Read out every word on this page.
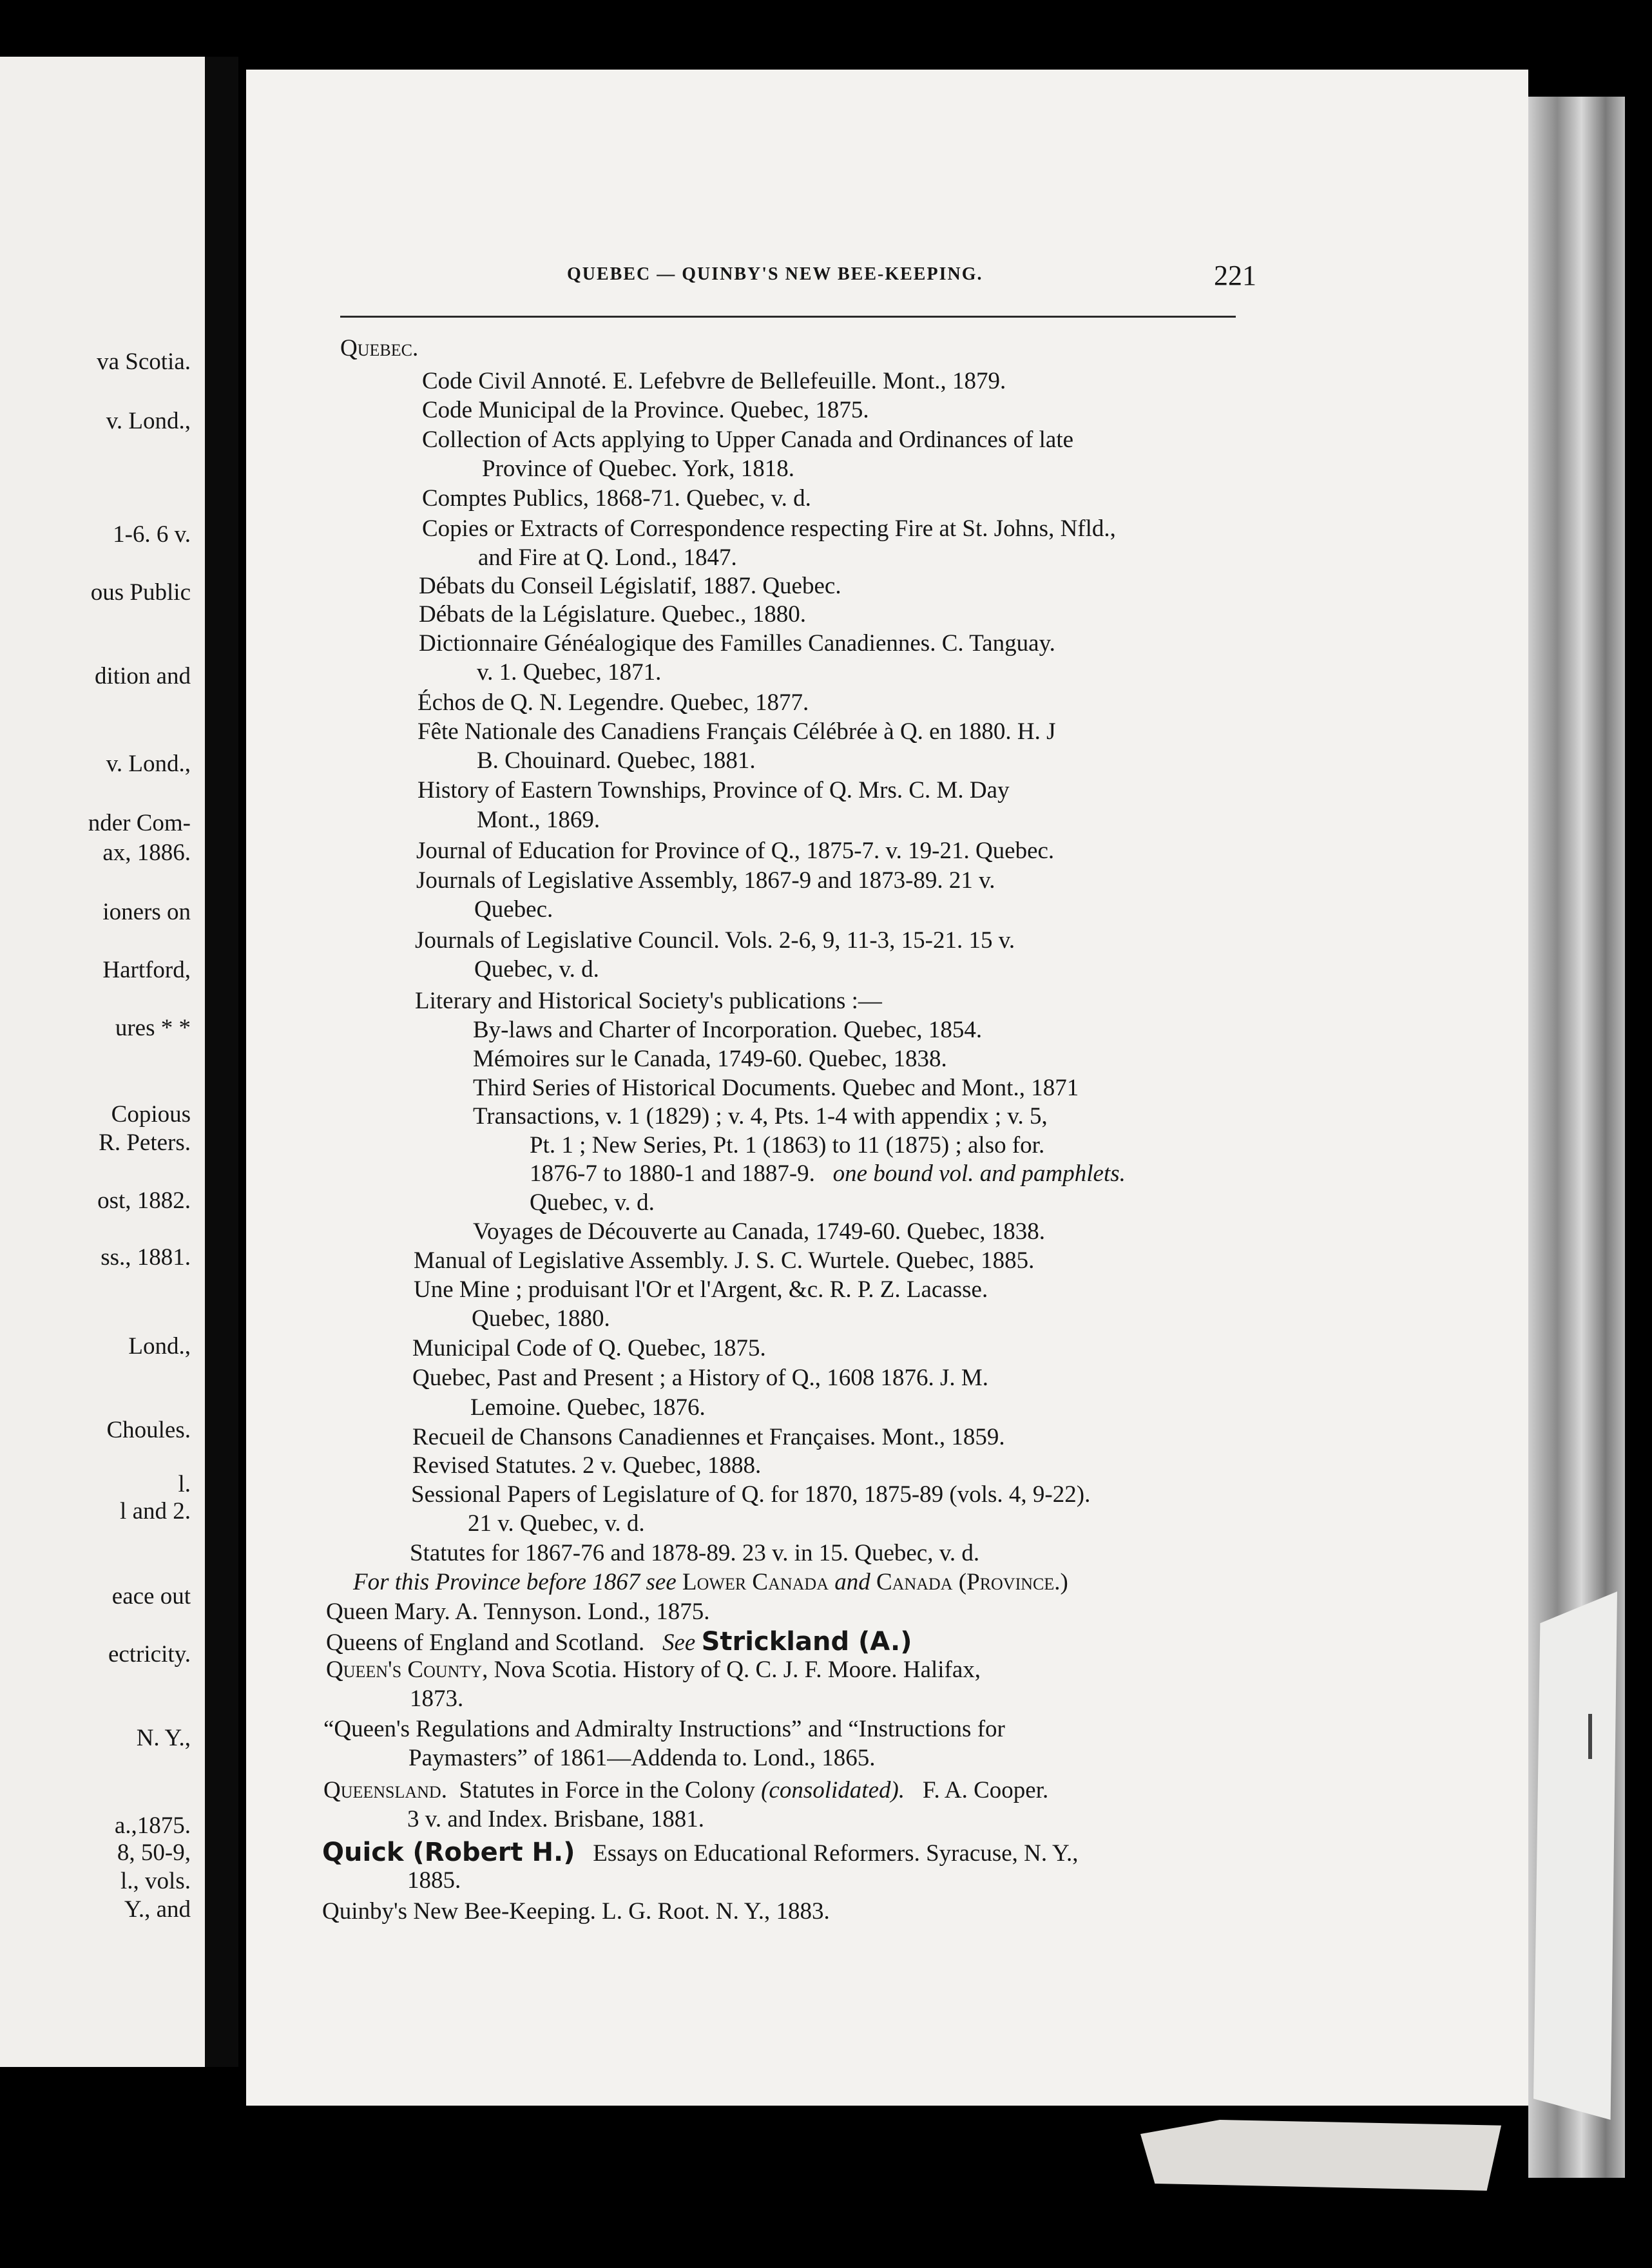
va Scotia.
v. Lond.,
1-6. 6 v.
ous Public
dition and
v. Lond.,
nder Com-
ax, 1886.
ioners on
Hartford,
ures * *
Copious
R. Peters.
ost, 1882.
ss., 1881.
Lond.,
Choules.
l.
l and 2.
eace out
ectricity.
N. Y.,
a.,1875.
8, 50-9,
l., vols.
Y., and
QUEBEC — QUINBY'S NEW BEE-KEEPING.	221
Quebec.
Code Civil Annoté. E. Lefebvre de Bellefeuille. Mont., 1879.
Code Municipal de la Province. Quebec, 1875.
Collection of Acts applying to Upper Canada and Ordinances of late
Province of Quebec. York, 1818.
Comptes Publics, 1868-71. Quebec, v. d.
Copies or Extracts of Correspondence respecting Fire at St. Johns, Nfld.,
and Fire at Q. Lond., 1847.
Débats du Conseil Législatif, 1887. Quebec.
Débats de la Législature. Quebec., 1880.
Dictionnaire Généalogique des Familles Canadiennes. C. Tanguay.
v. 1. Quebec, 1871.
Échos de Q. N. Legendre. Quebec, 1877.
Fête Nationale des Canadiens Français Célébrée à Q. en 1880. H. J
B. Chouinard. Quebec, 1881.
History of Eastern Townships, Province of Q. Mrs. C. M. Day
Mont., 1869.
Journal of Education for Province of Q., 1875-7. v. 19-21. Quebec.
Journals of Legislative Assembly, 1867-9 and 1873-89. 21 v.
Quebec.
Journals of Legislative Council. Vols. 2-6, 9, 11-3, 15-21. 15 v.
Quebec, v. d.
Literary and Historical Society's publications :—
By-laws and Charter of Incorporation. Quebec, 1854.
Mémoires sur le Canada, 1749-60. Quebec, 1838.
Third Series of Historical Documents. Quebec and Mont., 1871
Transactions, v. 1 (1829) ; v. 4, Pts. 1-4 with appendix ; v. 5,
Pt. 1 ; New Series, Pt. 1 (1863) to 11 (1875) ; also for.
1876-7 to 1880-1 and 1887-9. one bound vol. and pamphlets.
Quebec, v. d.
Voyages de Découverte au Canada, 1749-60. Quebec, 1838.
Manual of Legislative Assembly. J. S. C. Wurtele. Quebec, 1885.
Une Mine ; produisant l'Or et l'Argent, &c. R. P. Z. Lacasse.
Quebec, 1880.
Municipal Code of Q. Quebec, 1875.
Quebec, Past and Present ; a History of Q., 1608 1876. J. M.
Lemoine. Quebec, 1876.
Recueil de Chansons Canadiennes et Françaises. Mont., 1859.
Revised Statutes. 2 v. Quebec, 1888.
Sessional Papers of Legislature of Q. for 1870, 1875-89 (vols. 4, 9-22).
21 v. Quebec, v. d.
Statutes for 1867-76 and 1878-89. 23 v. in 15. Quebec, v. d.
For this Province before 1867 see Lower Canada and Canada (Province.)
Queen Mary. A. Tennyson. Lond., 1875.
Queens of England and Scotland. See Strickland (A.)
Queen's County, Nova Scotia. History of Q. C. J. F. Moore. Halifax,
1873.
“Queen's Regulations and Admiralty Instructions” and “Instructions for
Paymasters” of 1861—Addenda to. Lond., 1865.
Queensland. Statutes in Force in the Colony (consolidated). F. A. Cooper.
3 v. and Index. Brisbane, 1881.
Quick (Robert H.) Essays on Educational Reformers. Syracuse, N. Y.,
1885.
Quinby's New Bee-Keeping. L. G. Root. N. Y., 1883.
